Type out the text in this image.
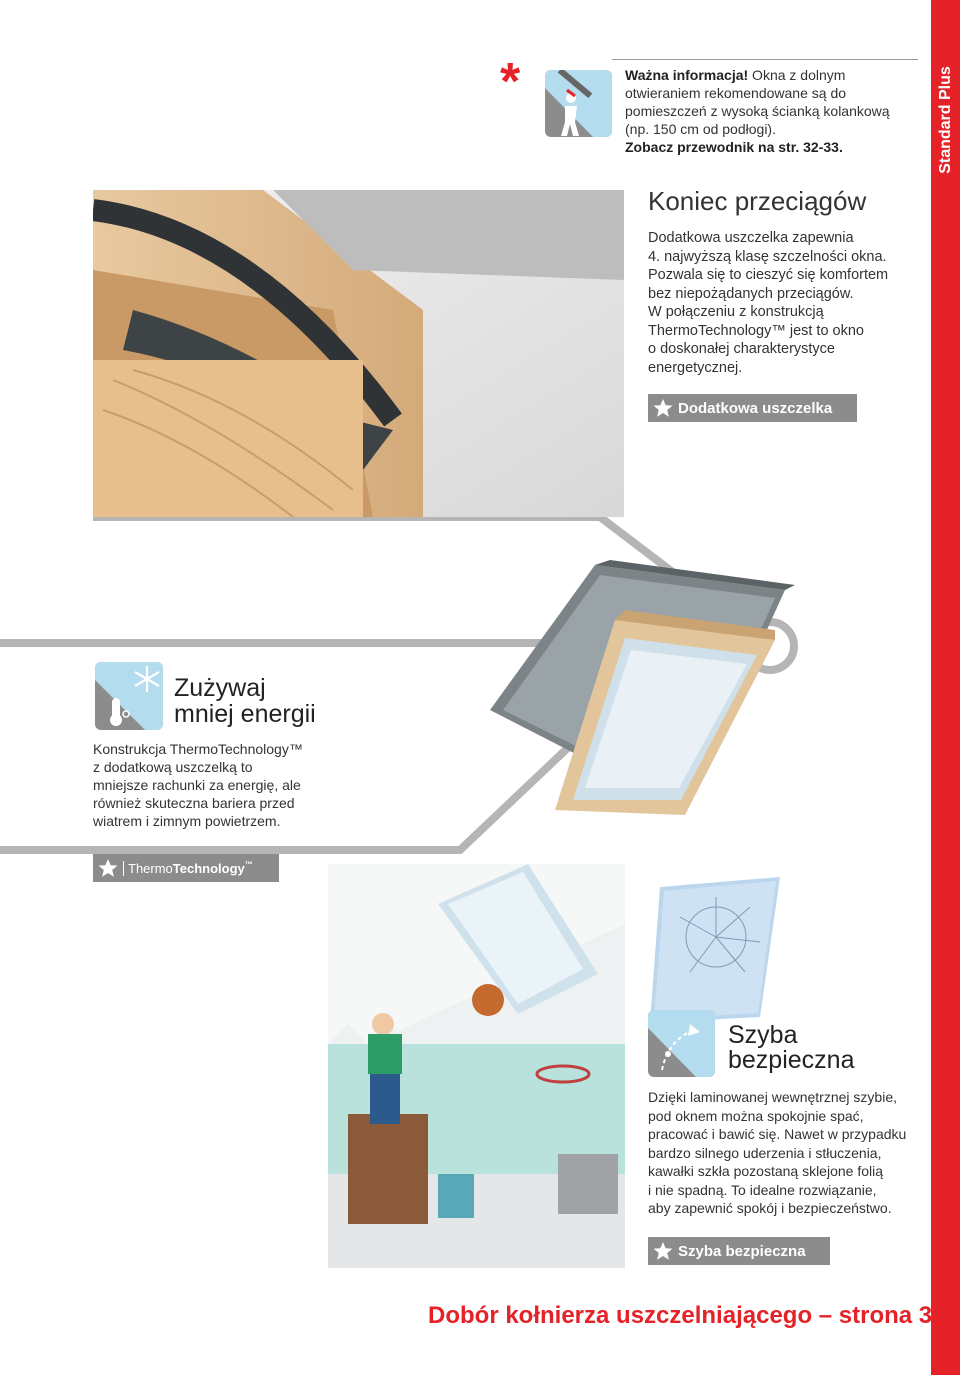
Standard Plus
*	Ważna informacja! Okna z dolnym
otwieraniem rekomendowane są do
pomieszczeń z wysoką ścianką kolankową
(np. 150 cm od podłogi).
Zobacz przewodnik na str. 32-33.
Koniec przeciągów
Dodatkowa uszczelka zapewnia
4. najwyższą klasę szczelności okna.
Pozwala się to cieszyć się komfortem
bez niepożądanych przeciągów.
W połączeniu z konstrukcją
ThermoTechnology™ jest to okno
o doskonałej charakterystyce
energetycznej.
Dodatkowa uszczelka
Zużywaj
mniej energii
Konstrukcja ThermoTechnology™
z dodatkową uszczelką to
mniejsze rachunki za energię, ale
również skuteczna bariera przed
wiatrem i zimnym powietrzem.
Thermo Technology ™
Szyba
bezpieczna
Dzięki laminowanej wewnętrznej szybie,
pod oknem można spokojnie spać,
pracować i bawić się. Nawet w przypadku
bardzo silnego uderzenia i stłuczenia,
kawałki szkła pozostaną sklejone folią
i nie spadną. To idealne rozwiązanie,
aby zapewnić spokój i bezpieczeństwo.
Szyba bezpieczna
Dobór kołnierza uszczelniającego – strona 37
